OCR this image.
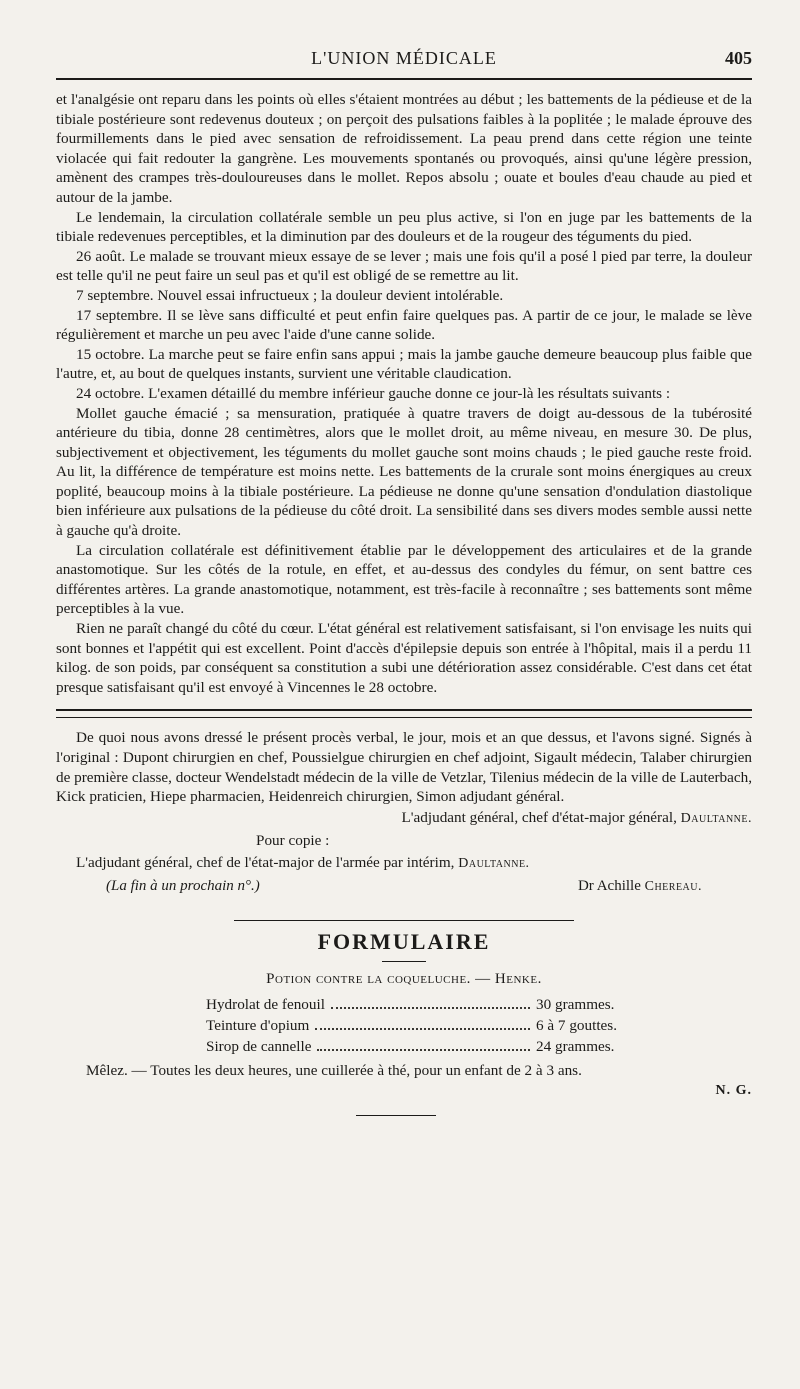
L'UNION MÉDICALE	405

et l'analgésie ont reparu dans les points où elles s'étaient montrées au début ; les battements de la pédieuse et de la tibiale postérieure sont redevenus douteux ; on perçoit des pulsations faibles à la poplitée ; le malade éprouve des fourmillements dans le pied avec sensation de refroidissement. La peau prend dans cette région une teinte violacée qui fait redouter la gangrène. Les mouvements spontanés ou provoqués, ainsi qu'une légère pression, amènent des crampes très-douloureuses dans le mollet. Repos absolu ; ouate et boules d'eau chaude au pied et autour de la jambe.

Le lendemain, la circulation collatérale semble un peu plus active, si l'on en juge par les battements de la tibiale redevenues perceptibles, et la diminution par des douleurs et de la rougeur des téguments du pied.

26 août. Le malade se trouvant mieux essaye de se lever ; mais une fois qu'il a posé l pied par terre, la douleur est telle qu'il ne peut faire un seul pas et qu'il est obligé de se remettre au lit.

7 septembre. Nouvel essai infructueux ; la douleur devient intolérable.

17 septembre. Il se lève sans difficulté et peut enfin faire quelques pas. A partir de ce jour, le malade se lève régulièrement et marche un peu avec l'aide d'une canne solide.

15 octobre. La marche peut se faire enfin sans appui ; mais la jambe gauche demeure beaucoup plus faible que l'autre, et, au bout de quelques instants, survient une véritable claudication.

24 octobre. L'examen détaillé du membre inférieur gauche donne ce jour-là les résultats suivants :

Mollet gauche émacié ; sa mensuration, pratiquée à quatre travers de doigt au-dessous de la tubérosité antérieure du tibia, donne 28 centimètres, alors que le mollet droit, au même niveau, en mesure 30. De plus, subjectivement et objectivement, les téguments du mollet gauche sont moins chauds ; le pied gauche reste froid. Au lit, la différence de température est moins nette. Les battements de la crurale sont moins énergiques au creux poplité, beaucoup moins à la tibiale postérieure. La pédieuse ne donne qu'une sensation d'ondulation diastolique bien inférieure aux pulsations de la pédieuse du côté droit. La sensibilité dans ses divers modes semble aussi nette à gauche qu'à droite.

La circulation collatérale est définitivement établie par le développement des articulaires et de la grande anastomotique. Sur les côtés de la rotule, en effet, et au-dessus des condyles du fémur, on sent battre ces différentes artères. La grande anastomotique, notamment, est très-facile à reconnaître ; ses battements sont même perceptibles à la vue.

Rien ne paraît changé du côté du cœur. L'état général est relativement satisfaisant, si l'on envisage les nuits qui sont bonnes et l'appétit qui est excellent. Point d'accès d'épilepsie depuis son entrée à l'hôpital, mais il a perdu 11 kilog. de son poids, par conséquent sa constitution a subi une détérioration assez considérable. C'est dans cet état presque satisfaisant qu'il est envoyé à Vincennes le 28 octobre.

De quoi nous avons dressé le présent procès verbal, le jour, mois et an que dessus, et l'avons signé. Signés à l'original : Dupont chirurgien en chef, Poussielgue chirurgien en chef adjoint, Sigault médecin, Talaber chirurgien de première classe, docteur Wendelstadt médecin de la ville de Vetzlar, Tilenius médecin de la ville de Lauterbach, Kick praticien, Hiepe pharmacien, Heidenreich chirurgien, Simon adjudant général.

L'adjudant général, chef d'état-major général, Daultanne.
Pour copie :
L'adjudant général, chef de l'état-major de l'armée par intérim, Daultanne.
(La fin à un prochain n°.)	Dr Achille Chereau.
FORMULAIRE
Potion contre la coqueluche. — Henke.
Hydrolat de fenouil	30 grammes.
Teinture d'opium	6 à 7 gouttes.
Sirop de cannelle	24 grammes.
Mêlez. — Toutes les deux heures, une cuillerée à thé, pour un enfant de 2 à 3 ans.
N. G.
